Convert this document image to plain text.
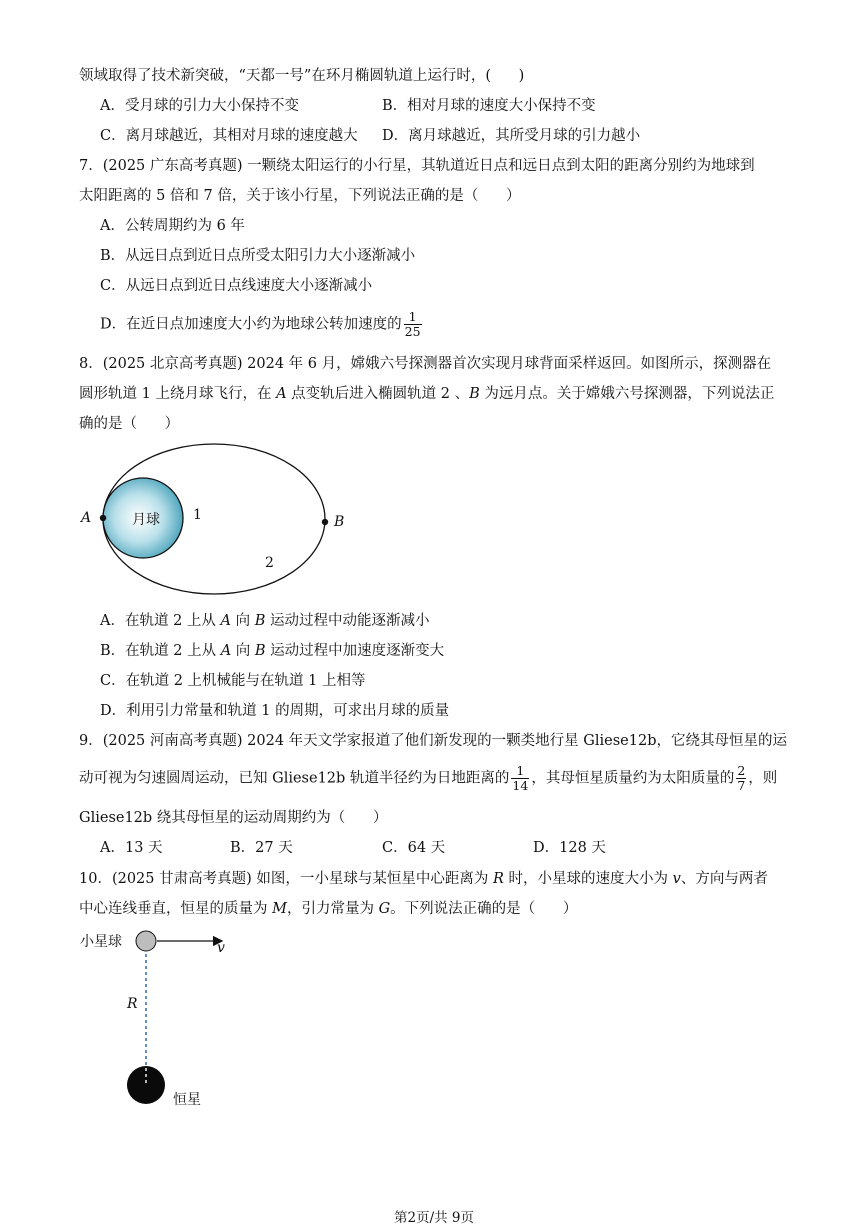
领域取得了技术新突破，“天都一号”在环月椭圆轨道上运行时，(      )
A．受月球的引力大小保持不变	B．相对月球的速度大小保持不变
C．离月球越近，其相对月球的速度越大 D．离月球越近，其所受月球的引力越小
7．(2025 广东高考真题) 一颗绕太阳运行的小行星，其轨道近日点和远日点到太阳的距离分别约为地球到
太阳距离的 5 倍和 7 倍，关于该小行星，下列说法正确的是（      ）
A．公转周期约为 6 年
B．从远日点到近日点所受太阳引力大小逐渐减小
C．从远日点到近日点线速度大小逐渐减小
D．在近日点加速度大小约为地球公转加速度的 $\frac{1}{25}$
8．(2025 北京高考真题) 2024 年 6 月，嫦娥六号探测器首次实现月球背面采样返回。如图所示，探测器在
圆形轨道 1 上绕月球飞行，在 A 点变轨后进入椭圆轨道 2 、B 为远月点。关于嫦娥六号探测器，下列说法正
确的是（      ）
月球
A	B
1
2
A．在轨道 2 上从 A 向 B 运动过程中动能逐渐减小
B．在轨道 2 上从 A 向 B 运动过程中加速度逐渐变大
C．在轨道 2 上机械能与在轨道 1 上相等
D．利用引力常量和轨道 1 的周期，可求出月球的质量
9．(2025 河南高考真题) 2024 年天文学家报道了他们新发现的一颗类地行星 Gliese12b，它绕其母恒星的运
动可视为匀速圆周运动，已知 Gliese12b 轨道半径约为日地距离的 $\frac{1}{14}$ ，其母恒星质量约为太阳质量的 $\frac{2}{7}$ ，则
Gliese12b 绕其母恒星的运动周期约为（      ）
A．13 天	B．27 天	C．64 天	D．128 天
10．(2025 甘肃高考真题) 如图，一小星球与某恒星中心距离为 R 时，小星球的速度大小为 v、方向与两者
中心连线垂直，恒星的质量为 M，引力常量为 G。下列说法正确的是（      ）
小星球	v
R
恒星
第2页/共 9页
